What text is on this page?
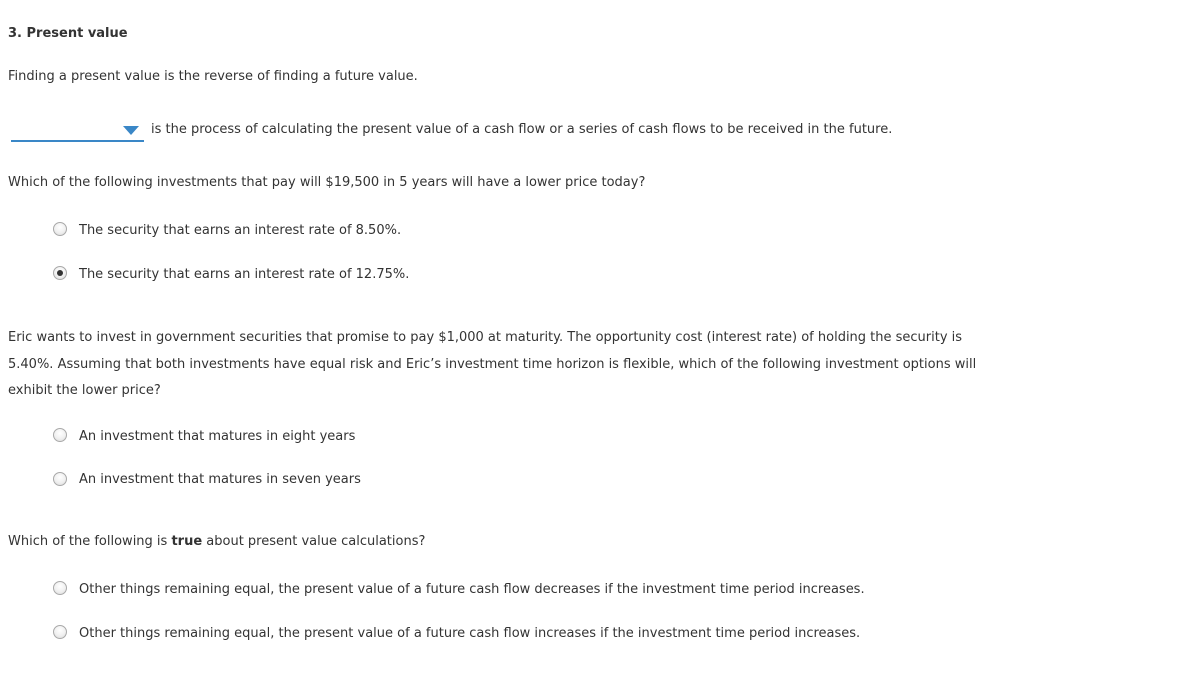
3. Present value
Finding a present value is the reverse of finding a future value.
is the process of calculating the present value of a cash flow or a series of cash flows to be received in the future.
Which of the following investments that pay will $19,500 in 5 years will have a lower price today?
The security that earns an interest rate of 8.50%.
The security that earns an interest rate of 12.75%.
Eric wants to invest in government securities that promise to pay $1,000 at maturity. The opportunity cost (interest rate) of holding the security is 5.40%. Assuming that both investments have equal risk and Eric’s investment time horizon is flexible, which of the following investment options will exhibit the lower price?
An investment that matures in eight years
An investment that matures in seven years
Which of the following is true about present value calculations?
Other things remaining equal, the present value of a future cash flow decreases if the investment time period increases.
Other things remaining equal, the present value of a future cash flow increases if the investment time period increases.
